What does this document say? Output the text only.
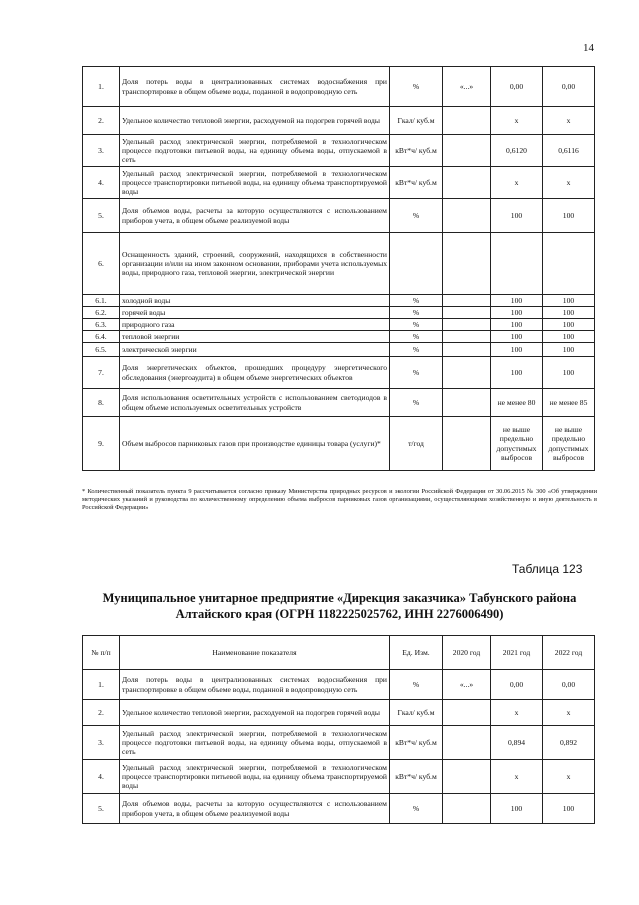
14
1.	Доля потерь воды в централизованных системах водоснабжения при транспортировке в общем объеме воды, поданной в водопроводную сеть	%	«...»	0,00	0,00
2.	Удельное количество тепловой энергии, расходуемой на подогрев горячей воды	Гкал/ куб.м		х	х
3.	Удельный расход электрической энергии, потребляемой в технологическом процессе подготовки питьевой воды, на единицу объема воды, отпускаемой в сеть	кВт*ч/ куб.м		0,6120	0,6116
4.	Удельный расход электрической энергии, потребляемой в технологическом процессе транспортировки питьевой воды, на единицу объема транспортируемой воды	кВт*ч/ куб.м		х	х
5.	Доля объемов воды, расчеты за которую осуществляются с использованием приборов учета, в общем объеме реализуемой воды	%		100	100
6.	Оснащенность зданий, строений, сооружений, находящихся в собственности организации и/или на ином законном основании, приборами учета используемых воды, природного газа, тепловой энергии, электрической энергии				
6.1.	холодной воды	%		100	100
6.2.	горячей воды	%		100	100
6.3.	природного газа	%		100	100
6.4.	тепловой энергии	%		100	100
6.5.	электрической энергии	%		100	100
7.	Доля энергетических объектов, прошедших процедуру энергетического обследования (энергоаудита) в общем объеме энергетических объектов	%		100	100
8.	Доля использования осветительных устройств с использованием светодиодов в общем объеме используемых осветительных устройств	%		не менее 80	не менее 85
9.	Объем выбросов парниковых газов при производстве единицы товара (услуги)*	т/год		не выше предельно допустимых выбросов	не выше предельно допустимых выбросов
* Количественный показатель пункта 9 рассчитывается согласно приказу Министерства природных ресурсов и экологии Российской Федерации от 30.06.2015 № 300 «Об утверждении методических указаний и руководства по количественному определению объема выбросов парниковых газов организациями, осуществляющими хозяйственную и иную деятельность в Российской Федерации»
Таблица 123
Муниципальное унитарное предприятие «Дирекция заказчика» Табунского района
Алтайского края (ОГРН 1182225025762, ИНН 2276006490)
№ п/п	Наименование показателя	Ед. Изм.	2020 год	2021 год	2022 год
1.	Доля потерь воды в централизованных системах водоснабжения при транспортировке в общем объеме воды, поданной в водопроводную сеть	%	«...»	0,00	0,00
2.	Удельное количество тепловой энергии, расходуемой на подогрев горячей воды	Гкал/ куб.м		х	х
3.	Удельный расход электрической энергии, потребляемой в технологическом процессе подготовки питьевой воды, на единицу объема воды, отпускаемой в сеть	кВт*ч/ куб.м		0,894	0,892
4.	Удельный расход электрической энергии, потребляемой в технологическом процессе транспортировки питьевой воды, на единицу объема транспортируемой воды	кВт*ч/ куб.м		х	х
5.	Доля объемов воды, расчеты за которую осуществляются с использованием приборов учета, в общем объеме реализуемой воды	%		100	100
